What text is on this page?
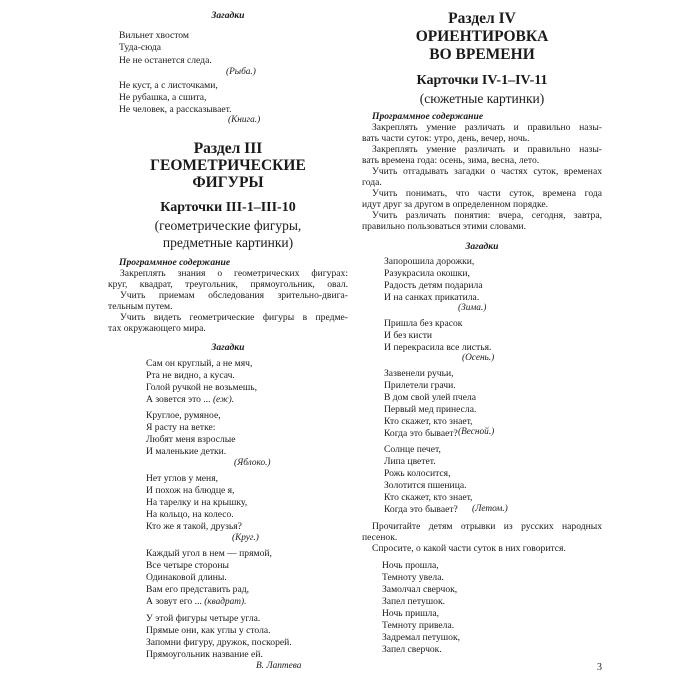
Загадки
Вильнет хвостом
Туда-сюда
Не не останется следа.
(Рыба.)
Не куст, а с листочками,
Не рубашка, а сшита,
Не человек, а рассказывает.
(Книга.)
Раздел III
ГЕОМЕТРИЧЕСКИЕ
ФИГУРЫ
Карточки III-1–III-10
(геометрические фигуры,
предметные картинки)
Программное содержание
Закреплять знания о геометрических фигурах:
круг, квадрат, треугольник, прямоугольник, овал.
Учить приемам обследования зрительно-двига-
тельным путем.
Учить видеть геометрические фигуры в предме-
тах окружающего мира.
Загадки
Сам он круглый, а не мяч,
Рта не видно, а кусач.
Голой ручкой не возьмешь,
А зовется это ... (еж).
Круглое, румяное,
Я расту на ветке:
Любят меня взрослые
И маленькие детки.
(Яблоко.)
Нет углов у меня,
И похож на блюдце я,
На тарелку и на крышку,
На кольцо, на колесо.
Кто же я такой, друзья?
(Круг.)
Каждый угол в нем — прямой,
Все четыре стороны
Одинаковой длины.
Вам его представить рад,
А зовут его ... (квадрат).
У этой фигуры четыре угла.
Прямые они, как углы у стола.
Запомни фигуру, дружок, поскорей.
Прямоугольник название ей.
В. Лаптева
Раздел IV
ОРИЕНТИРОВКА
ВО ВРЕМЕНИ
Карточки IV-1–IV-11
(сюжетные картинки)
Программное содержание
Закреплять умение различать и правильно назы-
вать части суток: утро, день, вечер, ночь.
Закреплять умение различать и правильно назы-
вать времена года: осень, зима, весна, лето.
Учить отгадывать загадки о частях суток, временах
года.
Учить понимать, что части суток, времена года
идут друг за другом в определенном порядке.
Учить различать понятия: вчера, сегодня, завтра,
правильно пользоваться этими словами.
Загадки
Запорошила дорожки,
Разукрасила окошки,
Радость детям подарила
И на санках прикатила.
(Зима.)
Пришла без красок
И без кисти
И перекрасила все листья.
(Осень.)
Зазвенели ручьи,
Прилетели грачи.
В дом свой улей пчела
Первый мед принесла.
Кто скажет, кто знает,
Когда это бывает? (Весной.)
Солнце печет,
Липа цветет.
Рожь колосится,
Золотится пшеница.
Кто скажет, кто знает,
Когда это бывает? (Летом.)
Прочитайте детям отрывки из русских народных
песенок.
Спросите, о какой части суток в них говорится.
Ночь прошла,
Темноту увела.
Замолчал сверчок,
Запел петушок.
Ночь пришла,
Темноту привела.
Задремал петушок,
Запел сверчок.
3
